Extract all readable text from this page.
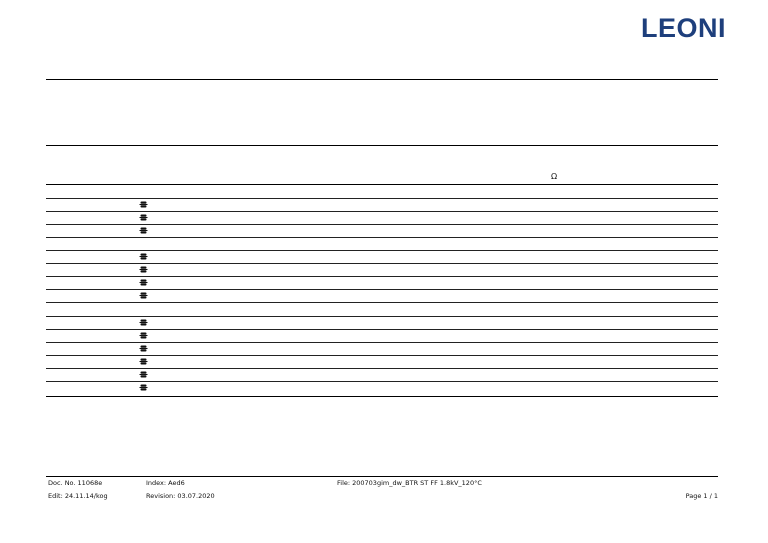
LEONI
Ω
Doc. No. 11068e	Index: Aed6	File: 200703gim_dw_BTR ST FF 1.8kV_120°C
Edit: 24.11.14/kog	Revision: 03.07.2020	Page 1 / 1
